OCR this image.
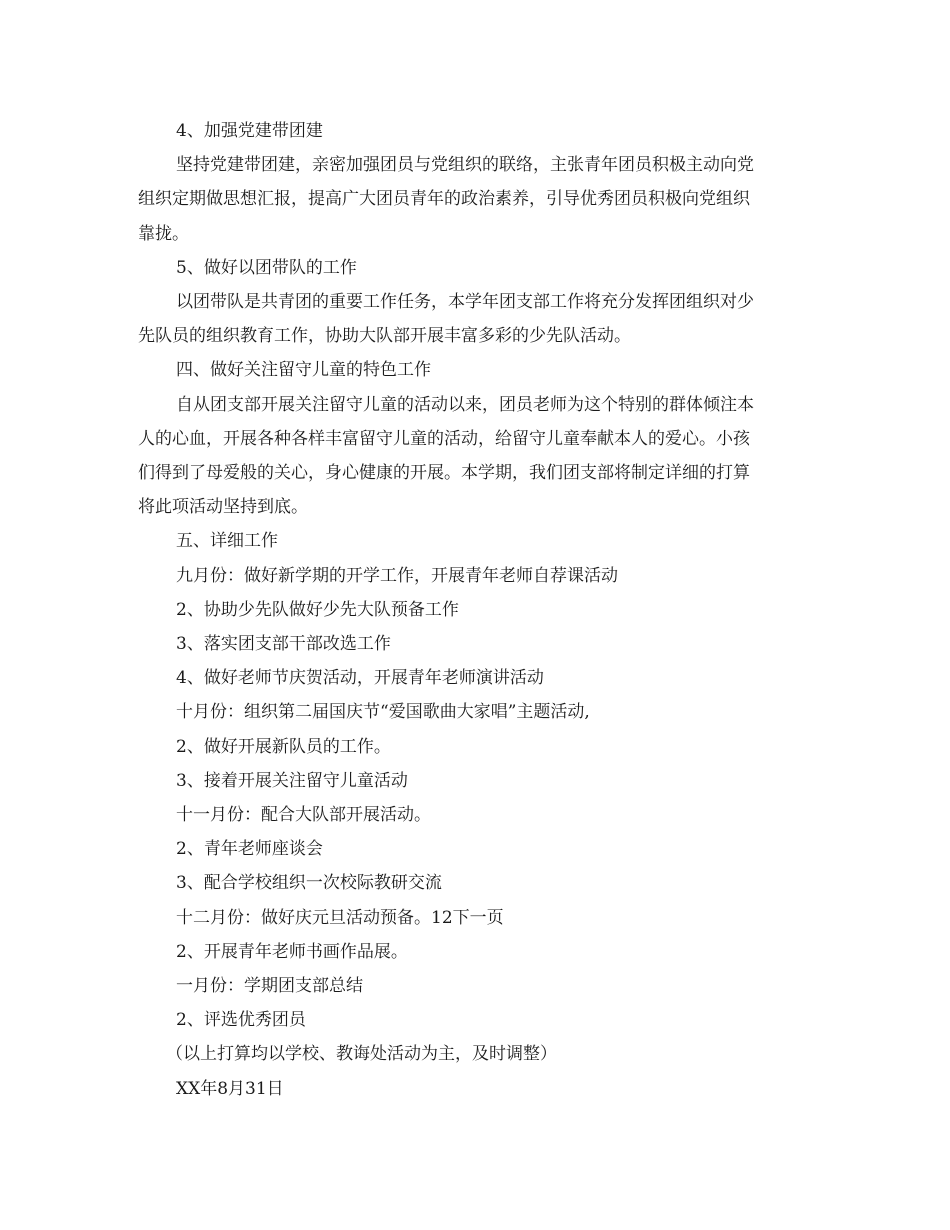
4、加强党建带团建
坚持党建带团建，亲密加强团员与党组织的联络，主张青年团员积极主动向党
组织定期做思想汇报，提高广大团员青年的政治素养，引导优秀团员积极向党组织
靠拢。
5、做好以团带队的工作
以团带队是共青团的重要工作任务，本学年团支部工作将充分发挥团组织对少
先队员的组织教育工作，协助大队部开展丰富多彩的少先队活动。
四、做好关注留守儿童的特色工作
自从团支部开展关注留守儿童的活动以来，团员老师为这个特别的群体倾注本
人的心血，开展各种各样丰富留守儿童的活动，给留守儿童奉献本人的爱心。小孩
们得到了母爱般的关心，身心健康的开展。本学期，我们团支部将制定详细的打算
将此项活动坚持到底。
五、详细工作
九月份：做好新学期的开学工作，开展青年老师自荐课活动
2、协助少先队做好少先大队预备工作
3、落实团支部干部改选工作
4、做好老师节庆贺活动，开展青年老师演讲活动
十月份：组织第二届国庆节“爱国歌曲大家唱”主题活动,
2、做好开展新队员的工作。
3、接着开展关注留守儿童活动
十一月份：配合大队部开展活动。
2、青年老师座谈会
3、配合学校组织一次校际教研交流
十二月份：做好庆元旦活动预备。12下一页
2、开展青年老师书画作品展。
一月份：学期团支部总结
2、评选优秀团员
（以上打算均以学校、教诲处活动为主，及时调整）
XX年8月31日
